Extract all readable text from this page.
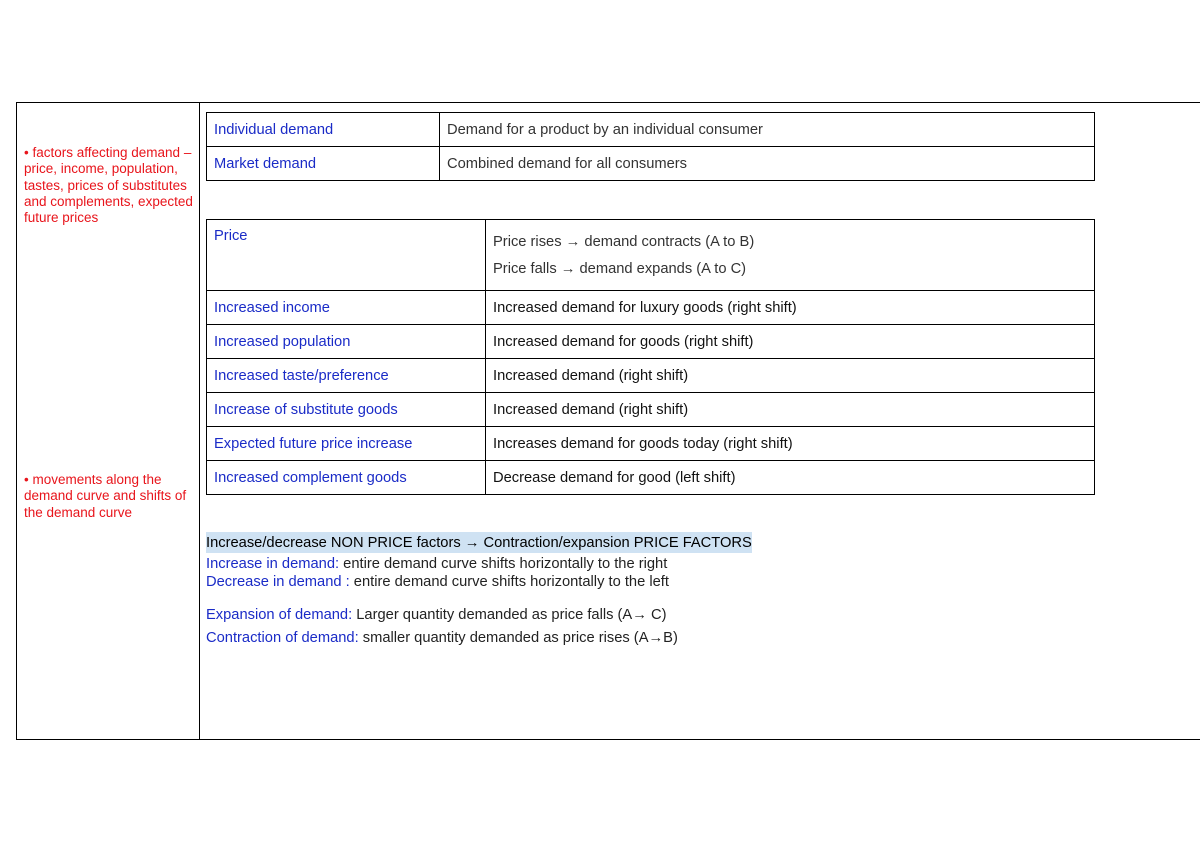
• factors affecting demand – price, income, population, tastes, prices of substitutes and complements, expected future prices
• movements along the demand curve and shifts of the demand curve
Individual demand	Demand for a product by an individual consumer
Market demand	Combined demand for all consumers
Price	Price rises → demand contracts (A to B)
Price falls → demand expands (A to C)

Increased income	Increased demand for luxury goods (right shift)
Increased population	Increased demand for goods (right shift)
Increased taste/preference	Increased demand (right shift)
Increase of substitute goods	Increased demand (right shift)
Expected future price increase	Increases demand for goods today (right shift)
Increased complement goods	Decrease demand for good (left shift)
Increase/decrease NON PRICE factors → Contraction/expansion PRICE FACTORS
Increase in demand: entire demand curve shifts horizontally to the right
Decrease in demand : entire demand curve shifts horizontally to the left
Expansion of demand: Larger quantity demanded as price falls (A→ C)
Contraction of demand: smaller quantity demanded as price rises (A→B)
